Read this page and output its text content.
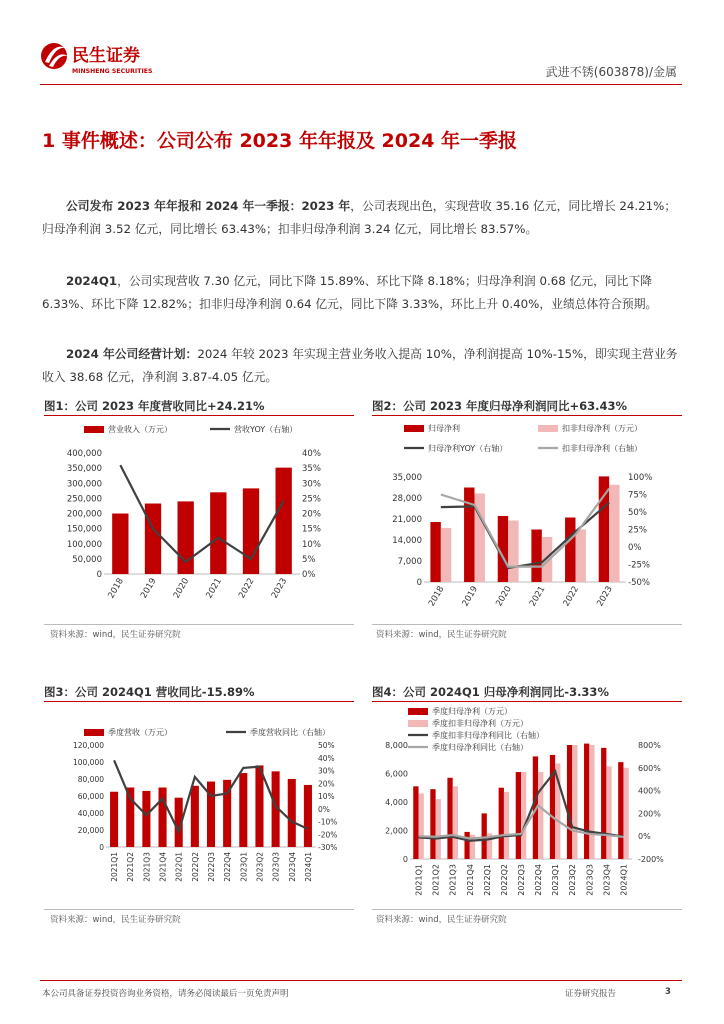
民生证券
MINSHENG SECURITIES	武进不锈(603878)/金属
1 事件概述：公司公布 2023 年年报及 2024 年一季报
公司发布 2023 年年报和 2024 年一季报：2023 年，公司表现出色，实现营收 35.16 亿元，同比增长 24.21%；归母净利润 3.52 亿元，同比增长 63.43%；扣非归母净利润 3.24 亿元，同比增长 83.57%。
2024Q1，公司实现营收 7.30 亿元，同比下降 15.89%、环比下降 8.18%；归母净利润 0.68 亿元，同比下降 6.33%、环比下降 12.82%；扣非归母净利润 0.64 亿元，同比下降 3.33%，环比上升 0.40%，业绩总体符合预期。
2024 年公司经营计划：2024 年较 2023 年实现主营业务收入提高 10%，净利润提高 10%-15%，即实现主营业务收入 38.68 亿元，净利润 3.87-4.05 亿元。
图1：公司 2023 年度营收同比+24.21%
400,000
350,000
300,000
250,000
200,000
150,000
100,000
50,000
0
40%
35%
30%
25%
20%
15%
10%
5%
0%
2018 2019 2020 2021 2022 2023
营业收入（万元）	营收YOY（右轴）
资料来源：wind，民生证券研究院
图2：公司 2023 年度归母净利润同比+63.43%
35,000
28,000
21,000
14,000
7,000
0
100%
75%
50%
25%
0%
-25%
-50%
2018 2019 2020 2021 2022 2023
归母净利	扣非归母净利（万元）
归母净利YOY（右轴）	扣非归母净利（右轴）
资料来源：wind，民生证券研究院
图3：公司 2024Q1 营收同比-15.89%
120,000
100,000
80,000
60,000
40,000
20,000
0
50%
40%
30%
20%
10%
0%
-10%
-20%
-30%
2021Q1 2021Q2 2021Q3 2021Q4 2022Q1 2022Q2 2022Q3 2022Q4 2023Q1 2023Q2 2023Q3 2023Q4 2024Q1
季度营收（万元）	季度营收同比（右轴）
资料来源：wind，民生证券研究院
图4：公司 2024Q1 归母净利润同比-3.33%
8,000
6,000
4,000
2,000
0
800%
600%
400%
200%
0%
-200%
2021Q1 2021Q2 2021Q3 2021Q4 2022Q1 2022Q2 2022Q3 2022Q4 2023Q1 2023Q2 2023Q3 2023Q4 2024Q1
季度归母净利（万元）
季度扣非归母净利（万元）
季度扣非归母净利同比（右轴）
季度归母净利同比（右轴）
资料来源：wind，民生证券研究院
本公司具备证券投资咨询业务资格，请务必阅读最后一页免责声明	证券研究报告	3
